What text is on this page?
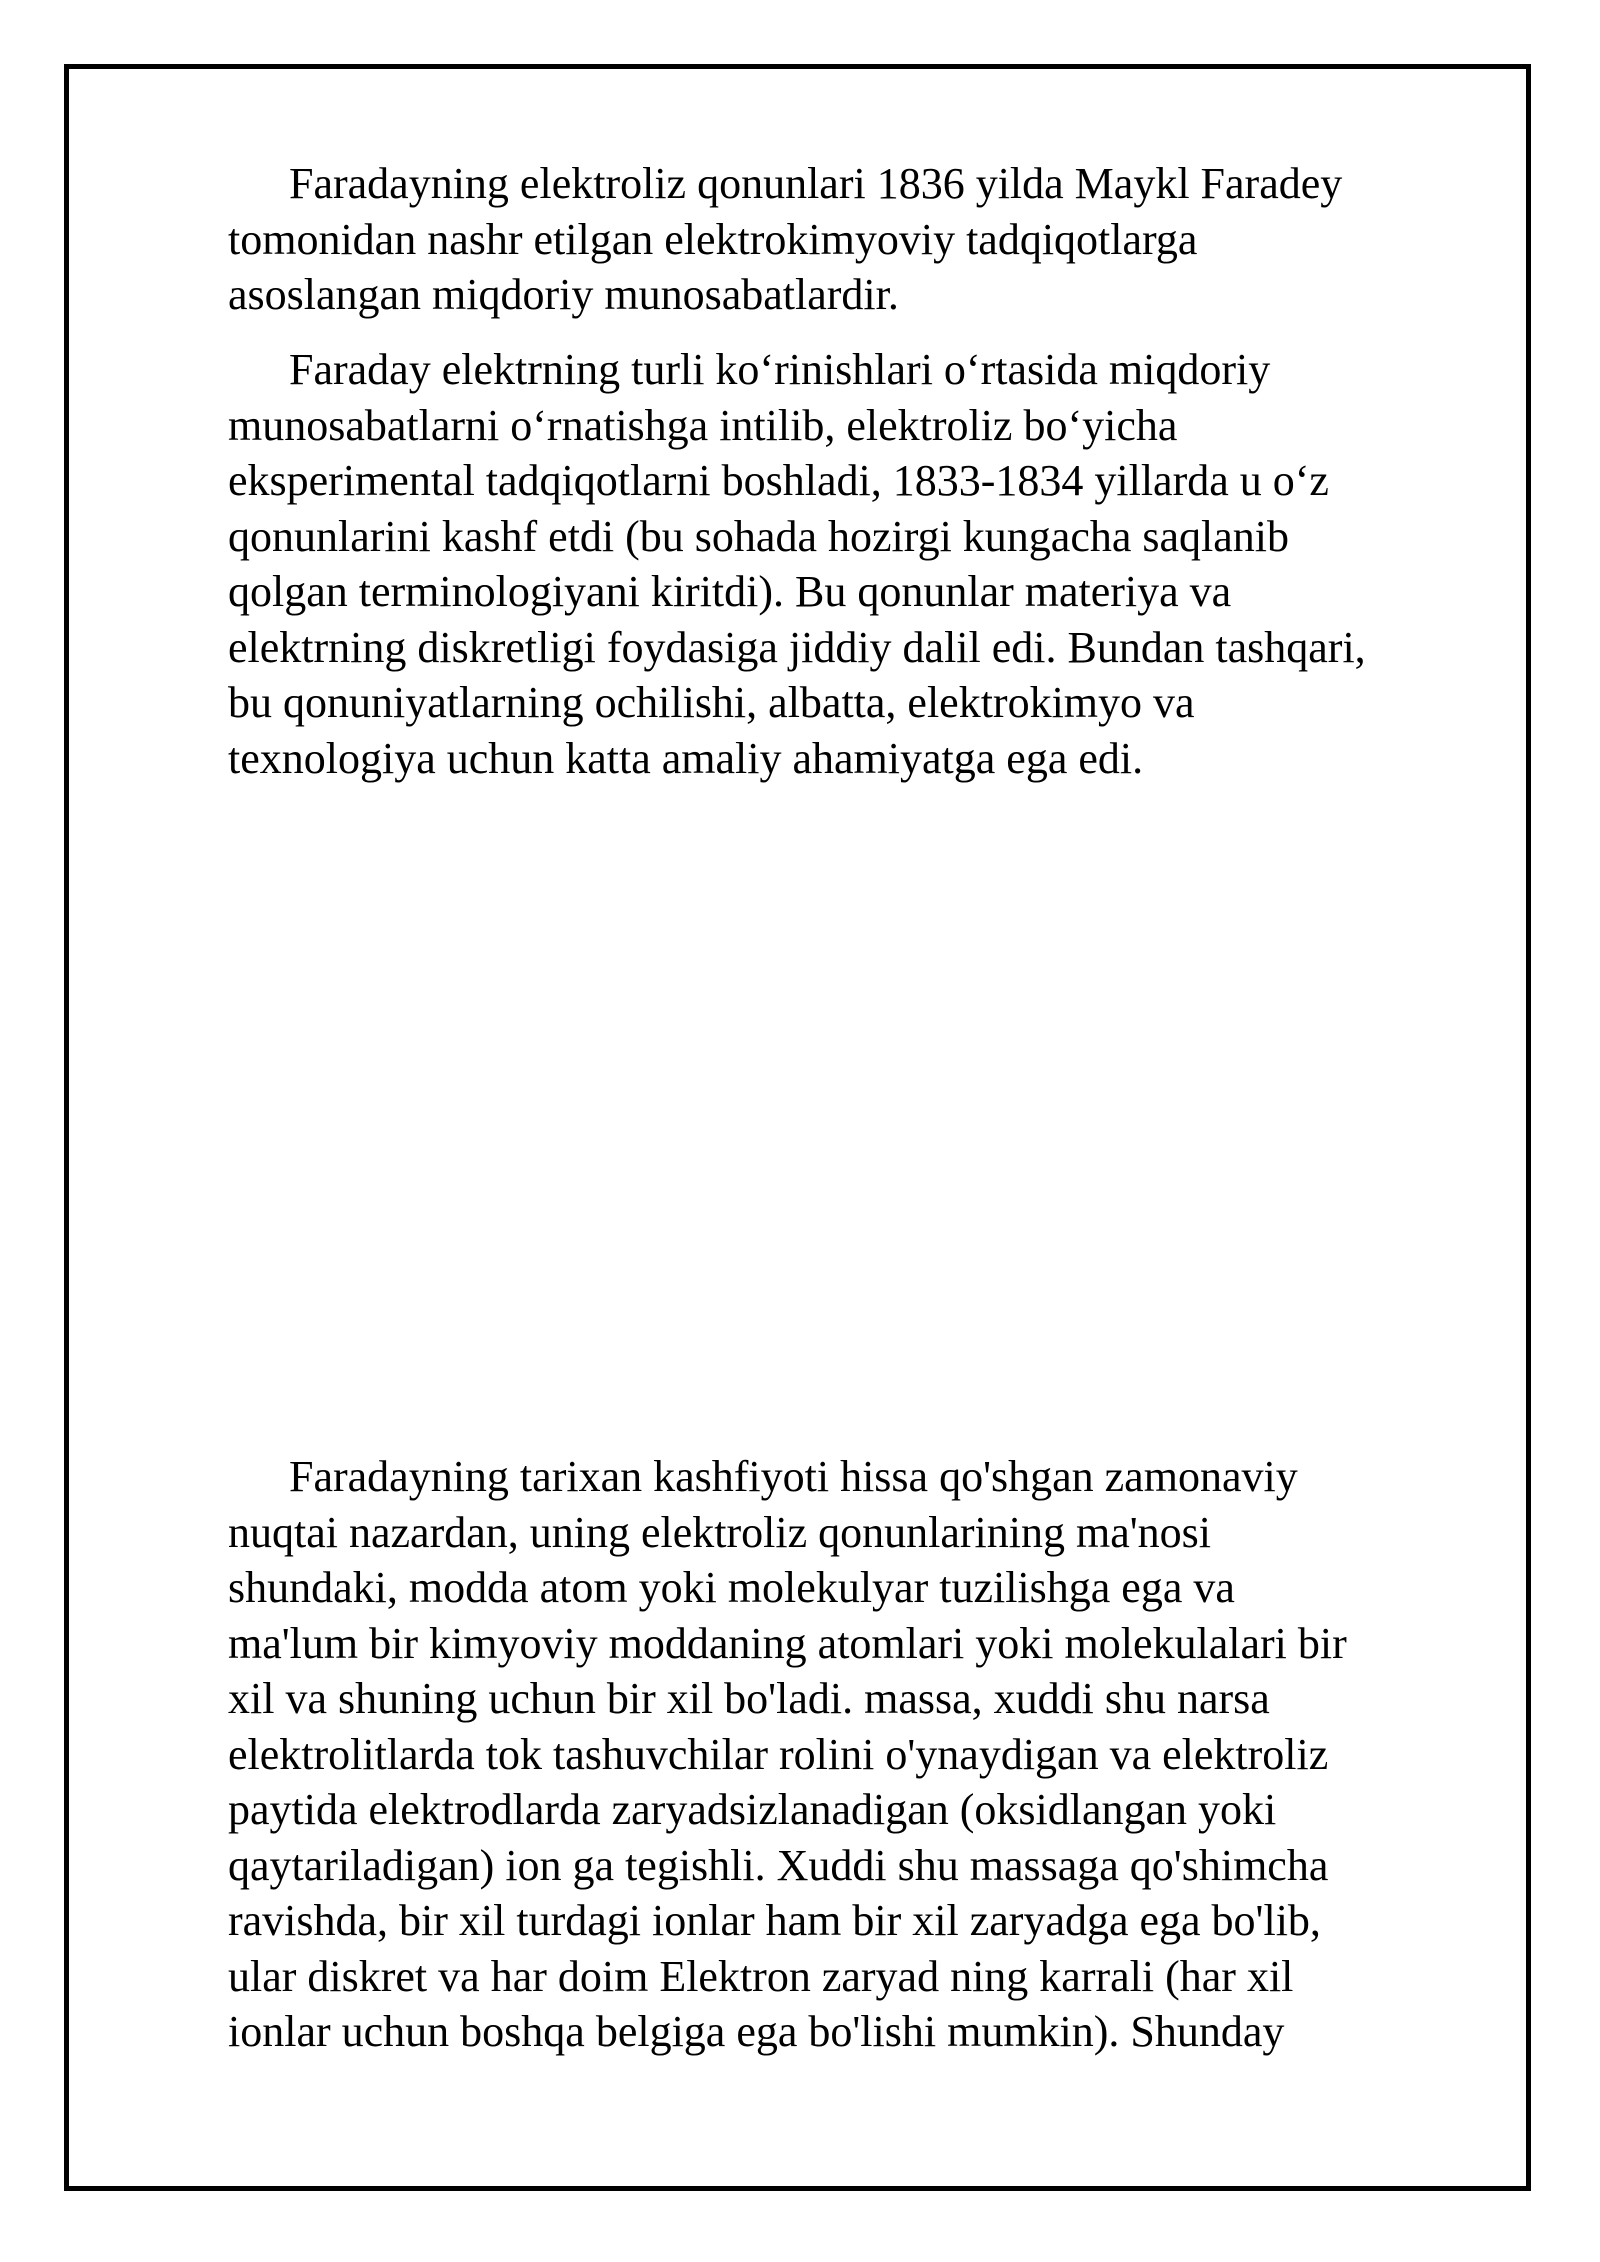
Faradayning elektroliz qonunlari 1836 yilda Maykl Faradey
tomonidan nashr etilgan elektrokimyoviy tadqiqotlarga
asoslangan miqdoriy munosabatlardir.

Faraday elektrning turli ko‘rinishlari o‘rtasida miqdoriy
munosabatlarni o‘rnatishga intilib, elektroliz bo‘yicha
eksperimental tadqiqotlarni boshladi, 1833-1834 yillarda u o‘z
qonunlarini kashf etdi (bu sohada hozirgi kungacha saqlanib
qolgan terminologiyani kiritdi). Bu qonunlar materiya va
elektrning diskretligi foydasiga jiddiy dalil edi. Bundan tashqari,
bu qonuniyatlarning ochilishi, albatta, elektrokimyo va
texnologiya uchun katta amaliy ahamiyatga ega edi.

Faradayning tarixan kashfiyoti hissa qo'shgan zamonaviy
nuqtai nazardan, uning elektroliz qonunlarining ma'nosi
shundaki, modda atom yoki molekulyar tuzilishga ega va
ma'lum bir kimyoviy moddaning atomlari yoki molekulalari bir
xil va shuning uchun bir xil bo'ladi. massa, xuddi shu narsa
elektrolitlarda tok tashuvchilar rolini o'ynaydigan va elektroliz
paytida elektrodlarda zaryadsizlanadigan (oksidlangan yoki
qaytariladigan) ion ga tegishli. Xuddi shu massaga qo'shimcha
ravishda, bir xil turdagi ionlar ham bir xil zaryadga ega bo'lib,
ular diskret va har doim Elektron zaryad ning karrali (har xil
ionlar uchun boshqa belgiga ega bo'lishi mumkin). Shunday
